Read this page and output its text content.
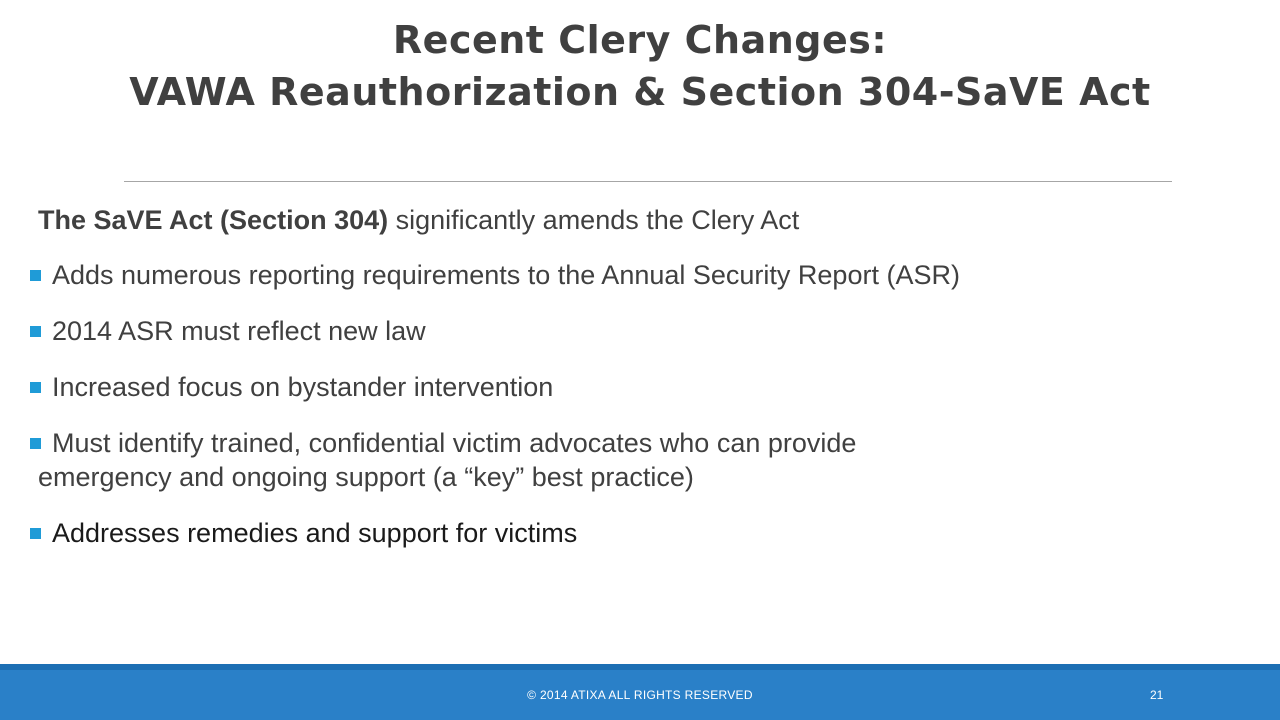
Recent Clery Changes:
VAWA Reauthorization & Section 304-SaVE Act
The SaVE Act (Section 304) significantly amends the Clery Act
Adds numerous reporting requirements to the Annual Security Report (ASR)
2014 ASR must reflect new law
Increased focus on bystander intervention
Must identify trained, confidential victim advocates who can provide
emergency and ongoing support (a “key” best practice)
Addresses remedies and support for victims
© 2014 ATIXA ALL RIGHTS RESERVED	21
